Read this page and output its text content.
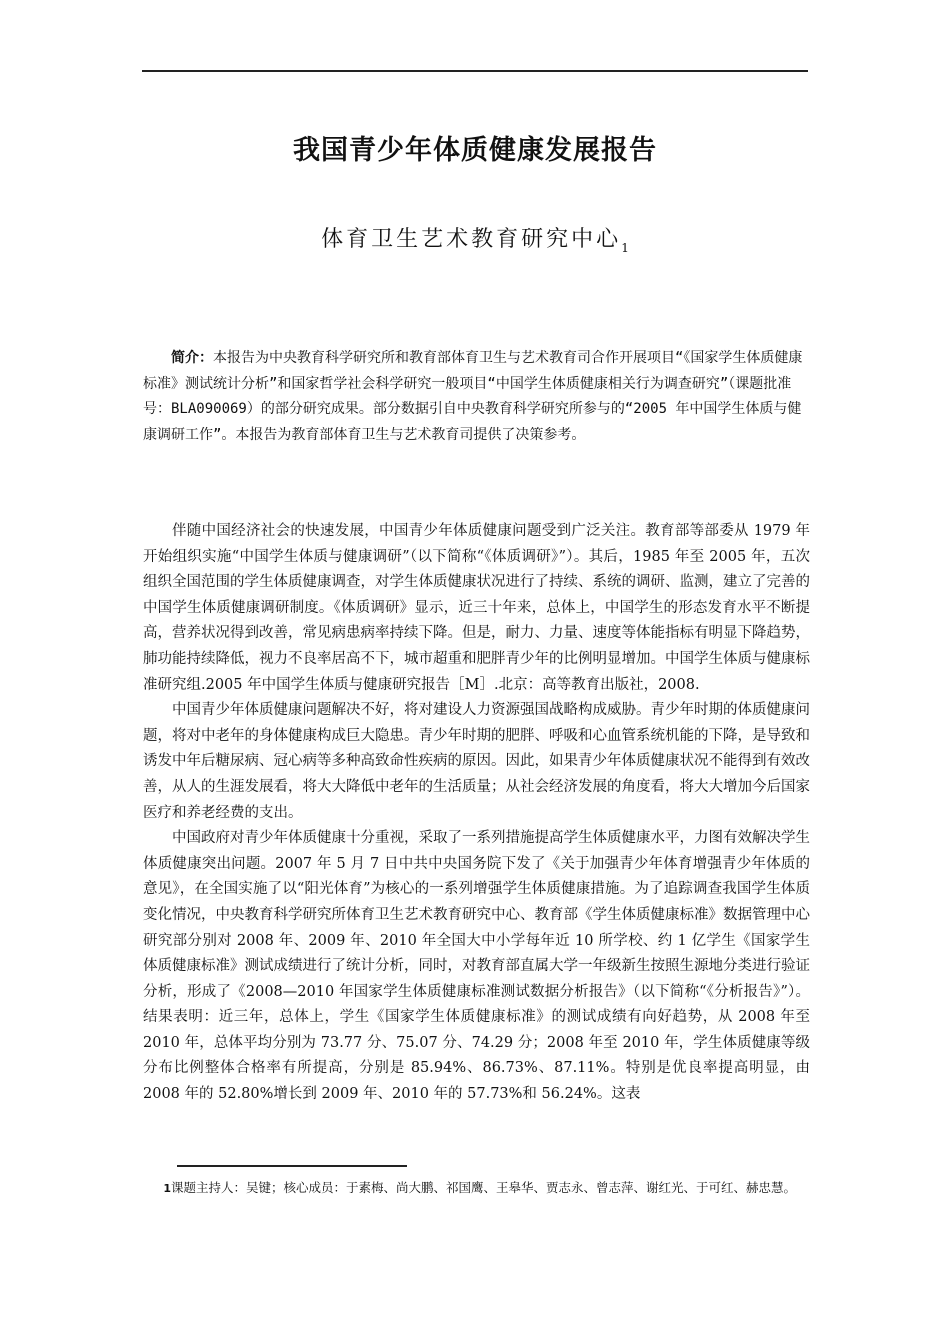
我国青少年体质健康发展报告
体育卫生艺术教育研究中心$_1$

简介：本报告为中央教育科学研究所和教育部体育卫生与艺术教育司合作开展项目“《国家学生体质健康标准》测试统计分析”和国家哲学社会科学研究一般项目“中国学生体质健康相关行为调查研究”（课题批准号：BLA090069）的部分研究成果。部分数据引自中央教育科学研究所参与的“2005 年中国学生体质与健康调研工作”。本报告为教育部体育卫生与艺术教育司提供了决策参考。

伴随中国经济社会的快速发展，中国青少年体质健康问题受到广泛关注。教育部等部委从 1979 年开始组织实施“中国学生体质与健康调研”（以下简称“《体质调研》”）。其后，1985 年至 2005 年，五次组织全国范围的学生体质健康调查，对学生体质健康状况进行了持续、系统的调研、监测，建立了完善的中国学生体质健康调研制度。《体质调研》显示，近三十年来，总体上，中国学生的形态发育水平不断提高，营养状况得到改善，常见病患病率持续下降。但是，耐力、力量、速度等体能指标有明显下降趋势，肺功能持续降低，视力不良率居高不下，城市超重和肥胖青少年的比例明显增加。中国学生体质与健康标准研究组.2005 年中国学生体质与健康研究报告［M］.北京：高等教育出版社，2008.

中国青少年体质健康问题解决不好，将对建设人力资源强国战略构成威胁。青少年时期的体质健康问题，将对中老年的身体健康构成巨大隐患。青少年时期的肥胖、呼吸和心血管系统机能的下降，是导致和诱发中年后糖尿病、冠心病等多种高致命性疾病的原因。因此，如果青少年体质健康状况不能得到有效改善，从人的生涯发展看，将大大降低中老年的生活质量；从社会经济发展的角度看，将大大增加今后国家医疗和养老经费的支出。

中国政府对青少年体质健康十分重视，采取了一系列措施提高学生体质健康水平，力图有效解决学生体质健康突出问题。2007 年 5 月 7 日中共中央国务院下发了《关于加强青少年体育增强青少年体质的意见》，在全国实施了以“阳光体育”为核心的一系列增强学生体质健康措施。为了追踪调查我国学生体质变化情况，中央教育科学研究所体育卫生艺术教育研究中心、教育部《学生体质健康标准》数据管理中心研究部分别对 2008 年、2009 年、2010 年全国大中小学每年近 10 所学校、约 1 亿学生《国家学生体质健康标准》测试成绩进行了统计分析，同时，对教育部直属大学一年级新生按照生源地分类进行验证分析，形成了《2008—2010 年国家学生体质健康标准测试数据分析报告》（以下简称“《分析报告》”）。结果表明：近三年，总体上，学生《国家学生体质健康标准》的测试成绩有向好趋势，从 2008 年至 2010 年，总体平均分别为 73.77 分、75.07 分、74.29 分；2008 年至 2010 年，学生体质健康等级分布比例整体合格率有所提高，分别是 85.94%、86.73%、87.11%。特别是优良率提高明显，由 2008 年的 52.80%增长到 2009 年、2010 年的 57.73%和 56.24%。这表

1课题主持人：吴键；核心成员：于素梅、尚大鹏、祁国鹰、王皋华、贾志永、曾志萍、谢红光、于可红、赫忠慧。
